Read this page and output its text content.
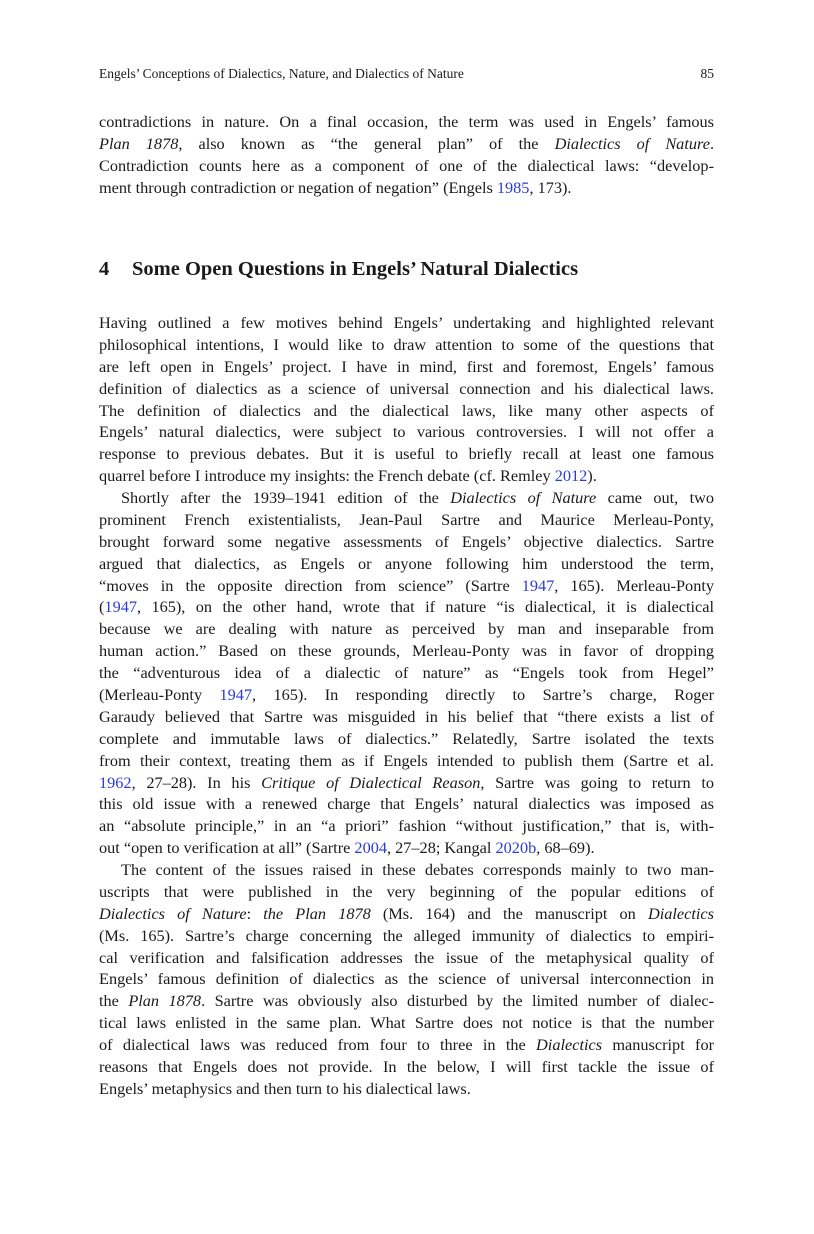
Engels’ Conceptions of Dialectics, Nature, and Dialectics of Nature	85
contradictions in nature. On a final occasion, the term was used in Engels’ famous
Plan 1878, also known as “the general plan” of the Dialectics of Nature.
Contradiction counts here as a component of one of the dialectical laws: “develop-
ment through contradiction or negation of negation” (Engels 1985, 173).
4 Some Open Questions in Engels’ Natural Dialectics
Having outlined a few motives behind Engels’ undertaking and highlighted relevant
philosophical intentions, I would like to draw attention to some of the questions that
are left open in Engels’ project. I have in mind, first and foremost, Engels’ famous
definition of dialectics as a science of universal connection and his dialectical laws.
The definition of dialectics and the dialectical laws, like many other aspects of
Engels’ natural dialectics, were subject to various controversies. I will not offer a
response to previous debates. But it is useful to briefly recall at least one famous
quarrel before I introduce my insights: the French debate (cf. Remley 2012).
Shortly after the 1939–1941 edition of the Dialectics of Nature came out, two
prominent French existentialists, Jean-Paul Sartre and Maurice Merleau-Ponty,
brought forward some negative assessments of Engels’ objective dialectics. Sartre
argued that dialectics, as Engels or anyone following him understood the term,
“moves in the opposite direction from science” (Sartre 1947, 165). Merleau-Ponty
(1947, 165), on the other hand, wrote that if nature “is dialectical, it is dialectical
because we are dealing with nature as perceived by man and inseparable from
human action.” Based on these grounds, Merleau-Ponty was in favor of dropping
the “adventurous idea of a dialectic of nature” as “Engels took from Hegel”
(Merleau-Ponty 1947, 165). In responding directly to Sartre’s charge, Roger
Garaudy believed that Sartre was misguided in his belief that “there exists a list of
complete and immutable laws of dialectics.” Relatedly, Sartre isolated the texts
from their context, treating them as if Engels intended to publish them (Sartre et al.
1962, 27–28). In his Critique of Dialectical Reason, Sartre was going to return to
this old issue with a renewed charge that Engels’ natural dialectics was imposed as
an “absolute principle,” in an “a priori” fashion “without justification,” that is, with-
out “open to verification at all” (Sartre 2004, 27–28; Kangal 2020b, 68–69).
The content of the issues raised in these debates corresponds mainly to two man-
uscripts that were published in the very beginning of the popular editions of
Dialectics of Nature: the Plan 1878 (Ms. 164) and the manuscript on Dialectics
(Ms. 165). Sartre’s charge concerning the alleged immunity of dialectics to empiri-
cal verification and falsification addresses the issue of the metaphysical quality of
Engels’ famous definition of dialectics as the science of universal interconnection in
the Plan 1878. Sartre was obviously also disturbed by the limited number of dialec-
tical laws enlisted in the same plan. What Sartre does not notice is that the number
of dialectical laws was reduced from four to three in the Dialectics manuscript for
reasons that Engels does not provide. In the below, I will first tackle the issue of
Engels’ metaphysics and then turn to his dialectical laws.
